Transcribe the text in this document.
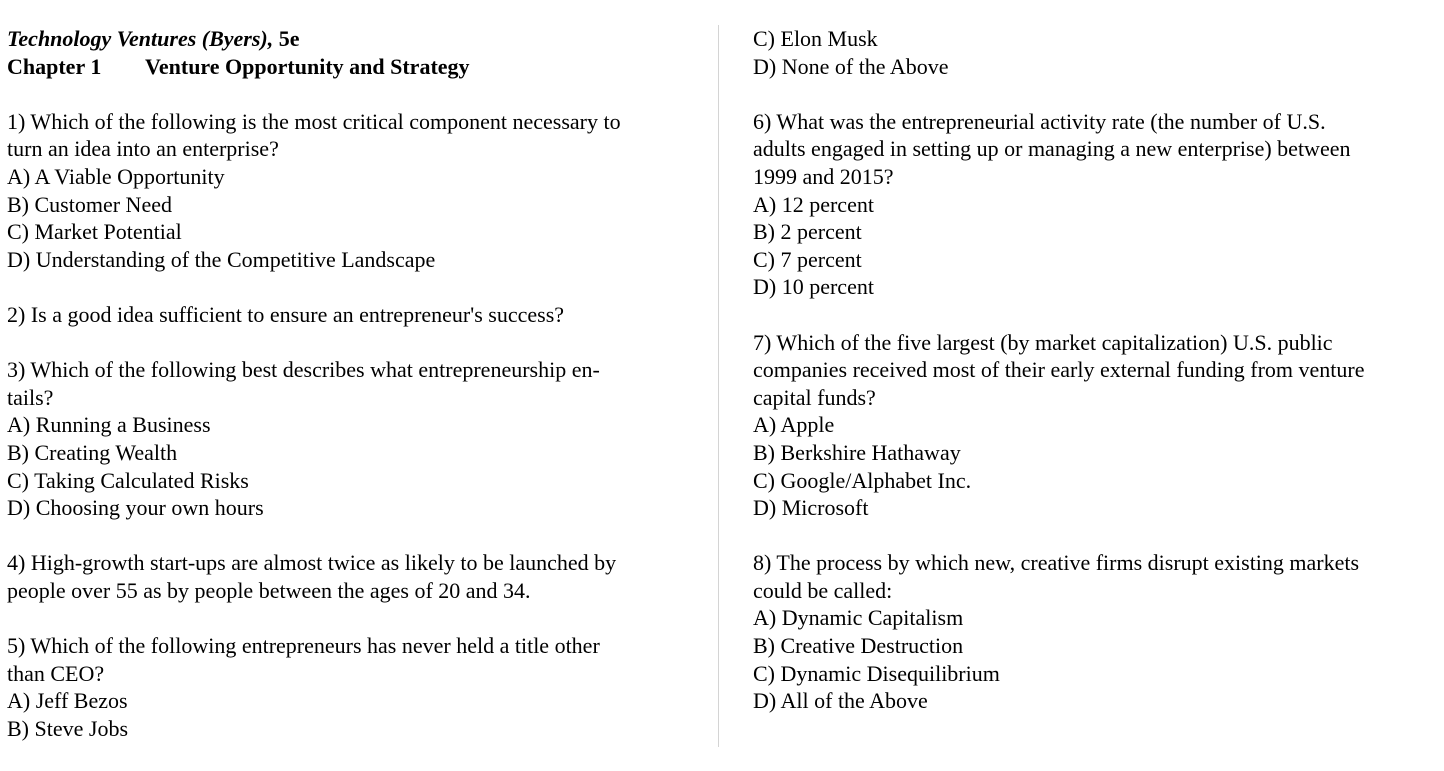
Technology Ventures (Byers), 5e
Chapter 1 Venture Opportunity and Strategy
1) Which of the following is the most critical component necessary to
turn an idea into an enterprise?
A) A Viable Opportunity
B) Customer Need
C) Market Potential
D) Understanding of the Competitive Landscape
2) Is a good idea sufficient to ensure an entrepreneur's success?
3) Which of the following best describes what entrepreneurship en-
tails?
A) Running a Business
B) Creating Wealth
C) Taking Calculated Risks
D) Choosing your own hours
4) High-growth start-ups are almost twice as likely to be launched by
people over 55 as by people between the ages of 20 and 34.
5) Which of the following entrepreneurs has never held a title other
than CEO?
A) Jeff Bezos
B) Steve Jobs
C) Elon Musk
D) None of the Above
6) What was the entrepreneurial activity rate (the number of U.S.
adults engaged in setting up or managing a new enterprise) between
1999 and 2015?
A) 12 percent
B) 2 percent
C) 7 percent
D) 10 percent
7) Which of the five largest (by market capitalization) U.S. public
companies received most of their early external funding from venture
capital funds?
A) Apple
B) Berkshire Hathaway
C) Google/Alphabet Inc.
D) Microsoft
8) The process by which new, creative firms disrupt existing markets
could be called:
A) Dynamic Capitalism
B) Creative Destruction
C) Dynamic Disequilibrium
D) All of the Above
